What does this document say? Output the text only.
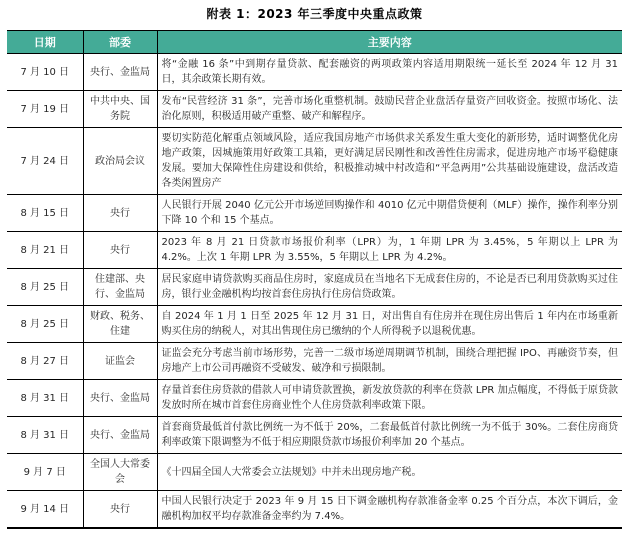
附表 1：2023 年三季度中央重点政策
日期	部委	主要内容
7 月 10 日	央行、金监局	将“金融 16 条”中到期存量贷款、配套融资的两项政策内容适用期限统一延长至 2024 年 12 月 31 日，其余政策长期有效。
7 月 19 日	中共中央、国务院	发布“民营经济 31 条”，完善市场化重整机制。鼓励民营企业盘活存量资产回收资金。按照市场化、法治化原则，积极适用破产重整、破产和解程序。
7 月 24 日	政治局会议	要切实防范化解重点领域风险，适应我国房地产市场供求关系发生重大变化的新形势，适时调整优化房地产政策，因城施策用好政策工具箱，更好满足居民刚性和改善性住房需求，促进房地产市场平稳健康发展。要加大保障性住房建设和供给，积极推动城中村改造和“平急两用”公共基础设施建设，盘活改造各类闲置房产
8 月 15 日	央行	人民银行开展 2040 亿元公开市场逆回购操作和 4010 亿元中期借贷便利（MLF）操作，操作利率分别下降 10 个和 15 个基点。
8 月 21 日	央行	2023 年 8 月 21 日贷款市场报价利率（LPR）为，1 年期 LPR 为 3.45%，5 年期以上 LPR 为 4.2%。上次 1 年期 LPR 为 3.55%，5 年期以上 LPR 为 4.2%。
8 月 25 日	住建部、央行、金监局	居民家庭申请贷款购买商品住房时，家庭成员在当地名下无成套住房的，不论是否已利用贷款购买过住房，银行业金融机构均按首套住房执行住房信贷政策。
8 月 25 日	财政、税务、住建	自 2024 年 1 月 1 日至 2025 年 12 月 31 日，对出售自有住房并在现住房出售后 1 年内在市场重新购买住房的纳税人，对其出售现住房已缴纳的个人所得税予以退税优惠。
8 月 27 日	证监会	证监会充分考虑当前市场形势，完善一二级市场逆周期调节机制，围绕合理把握 IPO、再融资节奏，但房地产上市公司再融资不受破发、破净和亏损限制。
8 月 31 日	央行、金监局	存量首套住房贷款的借款人可申请贷款置换，新发放贷款的利率在贷款 LPR 加点幅度，不得低于原贷款发放时所在城市首套住房商业性个人住房贷款利率政策下限。
8 月 31 日	央行、金监局	首套商贷最低首付款比例统一为不低于 20%，二套最低首付款比例统一为不低于 30%。二套住房商贷利率政策下限调整为不低于相应期限贷款市场报价利率加 20 个基点。
9 月 7 日	全国人大常委会	《十四届全国人大常委会立法规划》中并未出现房地产税。
9 月 14 日	央行	中国人民银行决定于 2023 年 9 月 15 日下调金融机构存款准备金率 0.25 个百分点，本次下调后，金融机构加权平均存款准备金率约为 7.4%。
